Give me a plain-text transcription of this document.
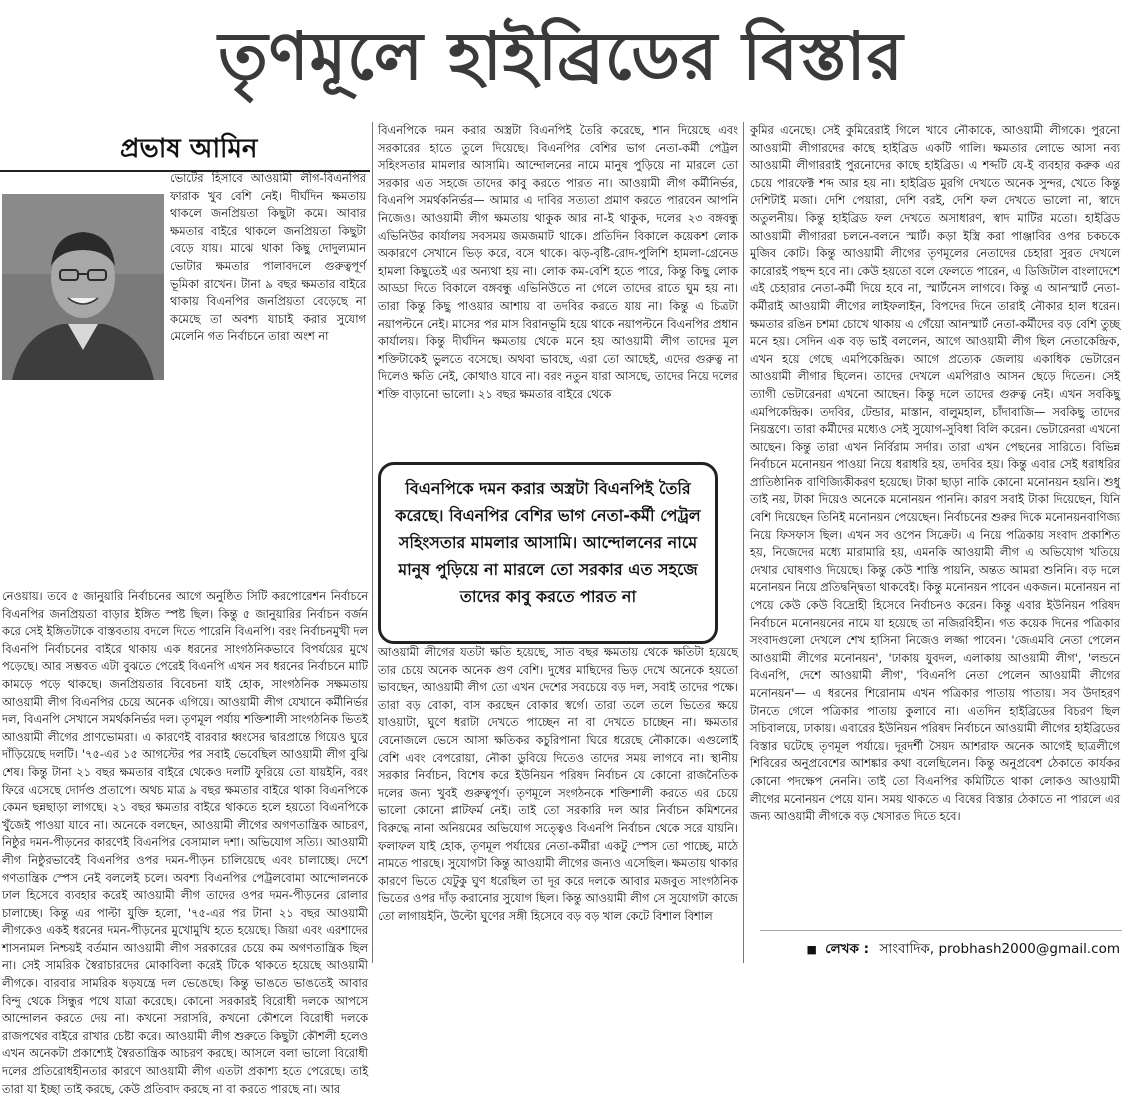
তৃণমূলে হাইব্রিডের বিস্তার
প্রভাষ আমিন

ভোটের হিসাবে আওয়ামী লীগ-বিএনপির ফারাক খুব বেশি নেই। দীর্ঘদিন ক্ষমতায় থাকলে জনপ্রিয়তা কিছুটা কমে। আবার ক্ষমতার বাইরে থাকলে জনপ্রিয়তা কিছুটা বেড়ে যায়। মাঝে থাকা কিছু দোদুল্যমান ভোটার ক্ষমতার পালাবদলে গুরুত্বপূর্ণ ভূমিকা রাখেন। টানা ৯ বছর ক্ষমতার বাইরে থাকায় বিএনপির জনপ্রিয়তা বেড়েছে না কমেছে তা অবশ্য যাচাই করার সুযোগ মেলেনি গত নির্বাচনে তারা অংশ না

নেওয়ায়। তবে ৫ জানুয়ারি নির্বাচনের আগে অনুষ্ঠিত সিটি করপোরেশন নির্বাচনে বিএনপির জনপ্রিয়তা বাড়ার ইঙ্গিত স্পষ্ট ছিল। কিন্তু ৫ জানুয়ারির নির্বাচন বর্জন করে সেই ইঙ্গিতটাকে বাস্তবতায় বদলে দিতে পারেনি বিএনপি। বরং নির্বাচনমুখী দল বিএনপি নির্বাচনের বাইরে থাকায় এক ধরনের সাংগঠনিকভাবে বিপর্যয়ের মুখে পড়েছে। আর সম্ভবত এটা বুঝতে পেরেই বিএনপি এখন সব ধরনের নির্বাচনে মাটি কামড়ে পড়ে থাকছে। জনপ্রিয়তার বিবেচনা যাই হোক, সাংগঠনিক সক্ষমতায় আওয়ামী লীগ বিএনপির চেয়ে অনেক এগিয়ে। আওয়ামী লীগ যেখানে কর্মীনির্ভর দল, বিএনপি সেখানে সমর্থকনির্ভর দল। তৃণমূল পর্যায় শক্তিশালী সাংগঠনিক ভিতই আওয়ামী লীগের প্রাণভোমরা। এ কারণেই বারবার ধ্বংসের দ্বারপ্রান্তে গিয়েও ঘুরে দাঁড়িয়েছে দলটি। '৭৫-এর ১৫ আগস্টের পর সবাই ভেবেছিল আওয়ামী লীগ বুঝি শেষ। কিন্তু টানা ২১ বছর ক্ষমতার বাইরে থেকেও দলটি ফুরিয়ে তো যায়ইনি, বরং ফিরে এসেছে দোর্দণ্ড প্রতাপে। অথচ মাত্র ৯ বছর ক্ষমতার বাইরে থাকা বিএনপিকে কেমন ছন্নছাড়া লাগছে। ২১ বছর ক্ষমতার বাইরে থাকতে হলে হয়তো বিএনপিকে খুঁজেই পাওয়া যাবে না। অনেকে বলছেন, আওয়ামী লীগের অগণতান্ত্রিক আচরণ, নিষ্ঠুর দমন-পীড়নের কারণেই বিএনপির বেসামাল দশা। অভিযোগ সত্যি। আওয়ামী লীগ নিষ্ঠুরভাবেই বিএনপির ওপর দমন-পীড়ন চালিয়েছে এবং চালাচ্ছে। দেশে গণতান্ত্রিক স্পেস নেই বললেই চলে। অবশ্য বিএনপির পেট্রলবোমা আন্দোলনকে ঢাল হিসেবে ব্যবহার করেই আওয়ামী লীগ তাদের ওপর দমন-পীড়নের রোলার চালাচ্ছে। কিন্তু এর পাল্টা যুক্তি হলো, '৭৫-এর পর টানা ২১ বছর আওয়ামী লীগকেও একই ধরনের দমন-পীড়নের মুখোমুখি হতে হয়েছে। জিয়া এবং এরশাদের শাসনামল নিশ্চয়ই বর্তমান আওয়ামী লীগ সরকারের চেয়ে কম অগণতান্ত্রিক ছিল না। সেই সামরিক স্বৈরাচারদের মোকাবিলা করেই টিকে থাকতে হয়েছে আওয়ামী লীগকে। বারবার সামরিক ষড়যন্ত্রে দল ভেঙেছে। কিন্তু ভাঙতে ভাঙতেই আবার বিন্দু থেকে সিন্ধুর পথে যাত্রা করেছে। কোনো সরকারই বিরোধী দলকে আপসে আন্দোলন করতে দেয় না। কখনো সরাসরি, কখনো কৌশলে বিরোধী দলকে রাজপথের বাইরে রাখার চেষ্টা করে। আওয়ামী লীগ শুরুতে কিছুটা কৌশলী হলেও এখন অনেকটা প্রকাশ্যেই স্বৈরতান্ত্রিক আচরণ করছে। আসলে বলা ভালো বিরোধী দলের প্রতিরোধহীনতার কারণে আওয়ামী লীগ এতটা প্রকাশ্য হতে পেরেছে। তাই তারা যা ইচ্ছা তাই করছে, কেউ প্রতিবাদ করছে না বা করতে পারছে না। আর

বিএনপিকে দমন করার অস্ত্রটা বিএনপিই তৈরি করেছে, শান দিয়েছে এবং সরকারের হাতে তুলে দিয়েছে। বিএনপির বেশির ভাগ নেতা-কর্মী পেট্রল সহিংসতার মামলার আসামি। আন্দোলনের নামে মানুষ পুড়িয়ে না মারলে তো সরকার এত সহজে তাদের কাবু করতে পারত না। আওয়ামী লীগ কর্মীনির্ভর, বিএনপি সমর্থকনির্ভর— আমার এ দাবির সত্যতা প্রমাণ করতে পারবেন আপনি নিজেও। আওয়ামী লীগ ক্ষমতায় থাকুক আর না-ই থাকুক, দলের ২৩ বঙ্গবন্ধু এভিনিউর কার্যালয় সবসময় জমজমাট থাকে। প্রতিদিন বিকালে কয়েকশ লোক অকারণে সেখানে ভিড় করে, বসে থাকে। ঝড়-বৃষ্টি-রোদ-পুলিশি হামলা-গ্রেনেড হামলা কিছুতেই এর অন্যথা হয় না। লোক কম-বেশি হতে পারে, কিন্তু কিছু লোক আড্ডা দিতে বিকালে বঙ্গবন্ধু এভিনিউতে না গেলে তাদের রাতে ঘুম হয় না। তারা কিন্তু কিছু পাওয়ার আশায় বা তদবির করতে যায় না। কিন্তু এ চিত্রটা নয়াপল্টনে নেই। মাসের পর মাস বিরানভূমি হয়ে থাকে নয়াপল্টনে বিএনপির প্রধান কার্যালয়। কিন্তু দীর্ঘদিন ক্ষমতায় থেকে মনে হয় আওয়ামী লীগ তাদের মূল শক্তিটাকেই ভুলতে বসেছে। অথবা ভাবছে, এরা তো আছেই, এদের গুরুত্ব না দিলেও ক্ষতি নেই, কোথাও যাবে না। বরং নতুন যারা আসছে, তাদের নিয়ে দলের শক্তি বাড়ানো ভালো। ২১ বছর ক্ষমতার বাইরে থেকে

বিএনপিকে দমন করার অস্ত্রটা বিএনপিই তৈরি করেছে। বিএনপির বেশির ভাগ নেতা-কর্মী পেট্রল সহিংসতার মামলার আসামি। আন্দোলনের নামে মানুষ পুড়িয়ে না মারলে তো সরকার এত সহজে তাদের কাবু করতে পারত না

আওয়ামী লীগের যতটা ক্ষতি হয়েছে, সাত বছর ক্ষমতায় থেকে ক্ষতিটা হয়েছে তার চেয়ে অনেক অনেক গুণ বেশি। দুধের মাছিদের ভিড় দেখে অনেকে হয়তো ভাবছেন, আওয়ামী লীগ তো এখন দেশের সবচেয়ে বড় দল, সবাই তাদের পক্ষে। তারা বড় বোকা, বাস করছেন বোকার স্বর্গে। তারা তলে তলে ভিতের ক্ষয়ে যাওয়াটা, ঘুণে ধরাটা দেখতে পাচ্ছেন না বা দেখতে চাচ্ছেন না। ক্ষমতার বেনোজলে ভেসে আসা ক্ষতিকর কচুরিপানা ঘিরে ধরেছে নৌকাকে। এগুলোই বেশি এবং বেপরোয়া, নৌকা ডুবিয়ে দিতেও তাদের সময় লাগবে না। স্থানীয় সরকার নির্বাচন, বিশেষ করে ইউনিয়ন পরিষদ নির্বাচন যে কোনো রাজনৈতিক দলের জন্য খুবই গুরুত্বপূর্ণ। তৃণমূলে সংগঠনকে শক্তিশালী করতে এর চেয়ে ভালো কোনো প্লাটফর্ম নেই। তাই তো সরকারি দল আর নির্বাচন কমিশনের বিরুদ্ধে নানা অনিয়মের অভিযোগ সত্ত্বেও বিএনপি নির্বাচন থেকে সরে যায়নি। ফলাফল যাই হোক, তৃণমূল পর্যায়ের নেতা-কর্মীরা একটু স্পেস তো পাচ্ছে, মাঠে নামতে পারছে। সুযোগটা কিন্তু আওয়ামী লীগের জন্যও এসেছিল। ক্ষমতায় থাকার কারণে ভিতে যেটুকু ঘুণ ধরেছিল তা দূর করে দলকে আবার মজবুত সাংগঠনিক ভিতের ওপর দাঁড় করানোর সুযোগ ছিল। কিন্তু আওয়ামী লীগ সে সুযোগটা কাজে তো লাগায়ইনি, উল্টো ঘুণের সঙ্গী হিসেবে বড় বড় খাল কেটে বিশাল বিশাল

কুমির এনেছে। সেই কুমিরেরাই গিলে খাবে নৌকাকে, আওয়ামী লীগকে। পুরনো আওয়ামী লীগারদের কাছে হাইব্রিড একটি গালি। ক্ষমতার লোভে আসা নব্য আওয়ামী লীগাররাই পুরনোদের কাছে হাইব্রিড। এ শব্দটি যে-ই ব্যবহার করুক এর চেয়ে পারফেক্ট শব্দ আর হয় না। হাইব্রিড মুরগি দেখতে অনেক সুন্দর, খেতে কিন্তু দেশিটাই মজা। দেশি পেয়ারা, দেশি বরই, দেশি ফল দেখতে ভালো না, স্বাদে অতুলনীয়। কিন্তু হাইব্রিড ফল দেখতে অসাধারণ, স্বাদ মাটির মতো। হাইব্রিড আওয়ামী লীগাররা চলনে-বলনে স্মার্ট। কড়া ইস্ত্রি করা পাঞ্জাবির ওপর চকচকে মুজিব কোট। কিন্তু আওয়ামী লীগের তৃণমূলের নেতাদের চেহারা সুরত দেখলে কারোরই পছন্দ হবে না। কেউ হয়তো বলে ফেলতে পারেন, এ ডিজিটাল বাংলাদেশে এই চেহারার নেতা-কর্মী দিয়ে হবে না, স্মার্টনেস লাগবে। কিন্তু এ আনস্মার্ট নেতা-কর্মীরাই আওয়ামী লীগের লাইফলাইন, বিপদের দিনে তারাই নৌকার হাল ধরেন। ক্ষমতার রঙিন চশমা চোখে থাকায় এ গেঁয়ো আনস্মার্ট নেতা-কর্মীদের বড় বেশি তুচ্ছ মনে হয়। সেদিন এক বড় ভাই বললেন, আগে আওয়ামী লীগ ছিল নেতাকেন্দ্রিক, এখন হয়ে গেছে এমপিকেন্দ্রিক। আগে প্রত্যেক জেলায় একাধিক ভেটারেন আওয়ামী লীগার ছিলেন। তাদের দেখলে এমপিরাও আসন ছেড়ে দিতেন। সেই ত্যাগী ভেটারেনরা এখনো আছেন। কিন্তু দলে তাদের গুরুত্ব নেই। এখন সবকিছু এমপিকেন্দ্রিক। তদবির, টেন্ডার, মাস্তান, বালুমহাল, চাঁদাবাজি— সবকিছু তাদের নিয়ন্ত্রণে। তারা কর্মীদের মধ্যেও সেই সুযোগ-সুবিধা বিলি করেন। ভেটারেনরা এখনো আছেন। কিন্তু তারা এখন নির্বিরাম সর্দার। তারা এখন পেছনের সারিতে। বিভিন্ন নির্বাচনে মনোনয়ন পাওয়া নিয়ে ধরাধরি হয়, তদবির হয়। কিন্তু এবার সেই ধরাধরির প্রাতিষ্ঠানিক বাণিজ্যিকীকরণ হয়েছে। টাকা ছাড়া নাকি কোনো মনোনয়ন হয়নি। শুধু তাই নয়, টাকা দিয়েও অনেকে মনোনয়ন পাননি। কারণ সবাই টাকা দিয়েছেন, যিনি বেশি দিয়েছেন তিনিই মনোনয়ন পেয়েছেন। নির্বাচনের শুরুর দিকে মনোনয়নবাণিজ্য নিয়ে ফিসফাস ছিল। এখন সব ওপেন সিক্রেট। এ নিয়ে পত্রিকায় সংবাদ প্রকাশিত হয়, নিজেদের মধ্যে মারামারি হয়, এমনকি আওয়ামী লীগ এ অভিযোগ খতিয়ে দেখার ঘোষণাও দিয়েছে। কিন্তু কেউ শাস্তি পায়নি, অন্তত আমরা শুনিনি। বড় দলে মনোনয়ন নিয়ে প্রতিদ্বন্দ্বিতা থাকবেই। কিন্তু মনোনয়ন পাবেন একজন। মনোনয়ন না পেয়ে কেউ কেউ বিদ্রোহী হিসেবে নির্বাচনও করেন। কিন্তু এবার ইউনিয়ন পরিষদ নির্বাচনে মনোনয়নের নামে যা হয়েছে তা নজিরবিহীন। গত কয়েক দিনের পত্রিকার সংবাদগুলো দেখলে শেখ হাসিনা নিজেও লজ্জা পাবেন। 'জেএমবি নেতা পেলেন আওয়ামী লীগের মনোনয়ন', 'ঢাকায় যুবদল, এলাকায় আওয়ামী লীগ', 'লন্ডনে বিএনপি, দেশে আওয়ামী লীগ', 'বিএনপি নেতা পেলেন আওয়ামী লীগের মনোনয়ন'— এ ধরনের শিরোনাম এখন পত্রিকার পাতায় পাতায়। সব উদাহরণ টানতে গেলে পত্রিকার পাতায় কুলাবে না। এতদিন হাইব্রিডের বিচরণ ছিল সচিবালয়ে, ঢাকায়। এবারের ইউনিয়ন পরিষদ নির্বাচনে আওয়ামী লীগের হাইব্রিডের বিস্তার ঘটেছে তৃণমূল পর্যায়ে। দূরদর্শী সৈয়দ আশরাফ অনেক আগেই ছাত্রলীগে শিবিরের অনুপ্রবেশের আশঙ্কার কথা বলেছিলেন। কিন্তু অনুপ্রবেশ ঠেকাতে কার্যকর কোনো পদক্ষেপ নেননি। তাই তো বিএনপির কমিটিতে থাকা লোকও আওয়ামী লীগের মনোনয়ন পেয়ে যান। সময় থাকতে এ বিষের বিস্তার ঠেকাতে না পারলে এর জন্য আওয়ামী লীগকে বড় খেসারত দিতে হবে।

■ লেখক : সাংবাদিক, probhash2000@gmail.com
